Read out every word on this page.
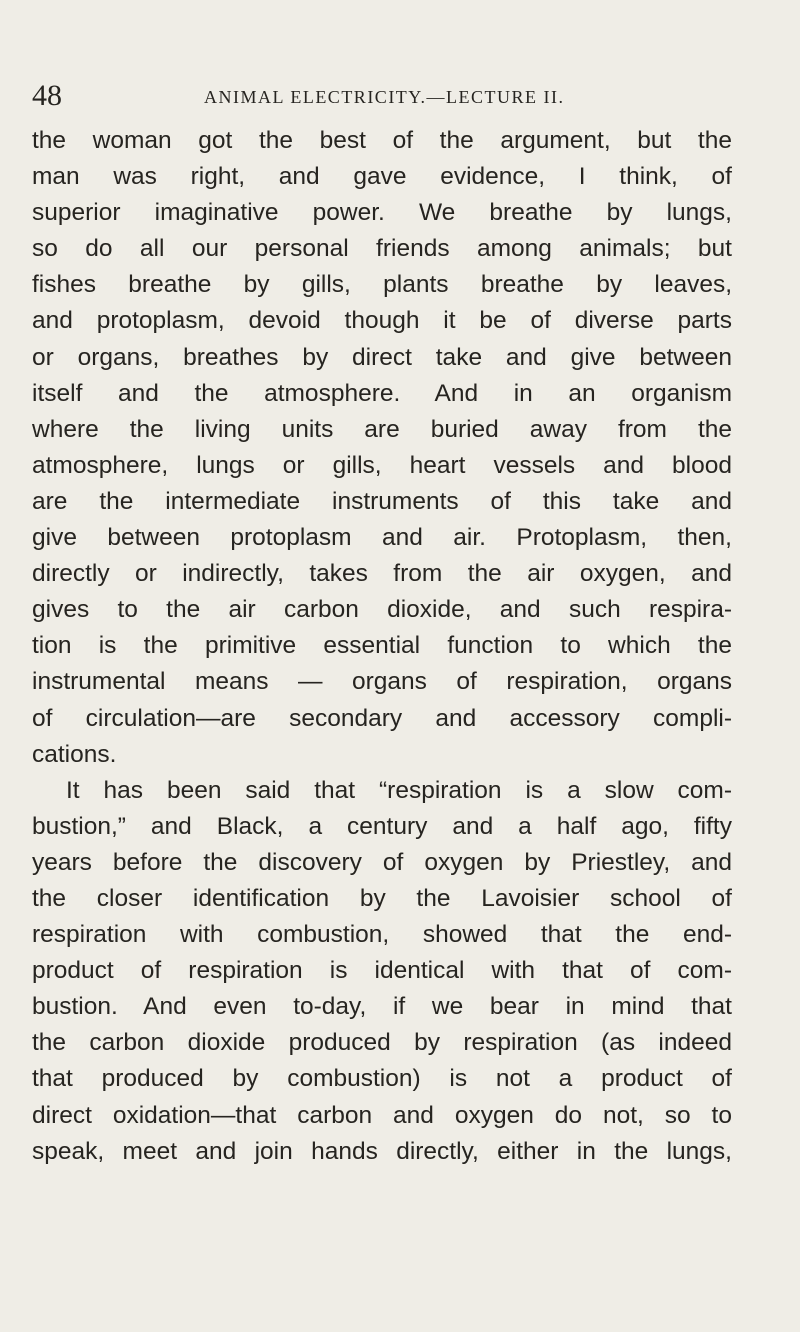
48	ANIMAL ELECTRICITY.—LECTURE II.
the woman got the best of the argument, but the
man was right, and gave evidence, I think, of
superior imaginative power. We breathe by lungs,
so do all our personal friends among animals; but
fishes breathe by gills, plants breathe by leaves,
and protoplasm, devoid though it be of diverse parts
or organs, breathes by direct take and give between
itself and the atmosphere. And in an organism
where the living units are buried away from the
atmosphere, lungs or gills, heart vessels and blood
are the intermediate instruments of this take and
give between protoplasm and air. Protoplasm, then,
directly or indirectly, takes from the air oxygen, and
gives to the air carbon dioxide, and such respira-
tion is the primitive essential function to which the
instrumental means — organs of respiration, organs
of circulation—are secondary and accessory compli-
cations.
It has been said that “respiration is a slow com-
bustion,” and Black, a century and a half ago, fifty
years before the discovery of oxygen by Priestley, and
the closer identification by the Lavoisier school of
respiration with combustion, showed that the end-
product of respiration is identical with that of com-
bustion. And even to-day, if we bear in mind that
the carbon dioxide produced by respiration (as indeed
that produced by combustion) is not a product of
direct oxidation—that carbon and oxygen do not, so to
speak, meet and join hands directly, either in the lungs,
